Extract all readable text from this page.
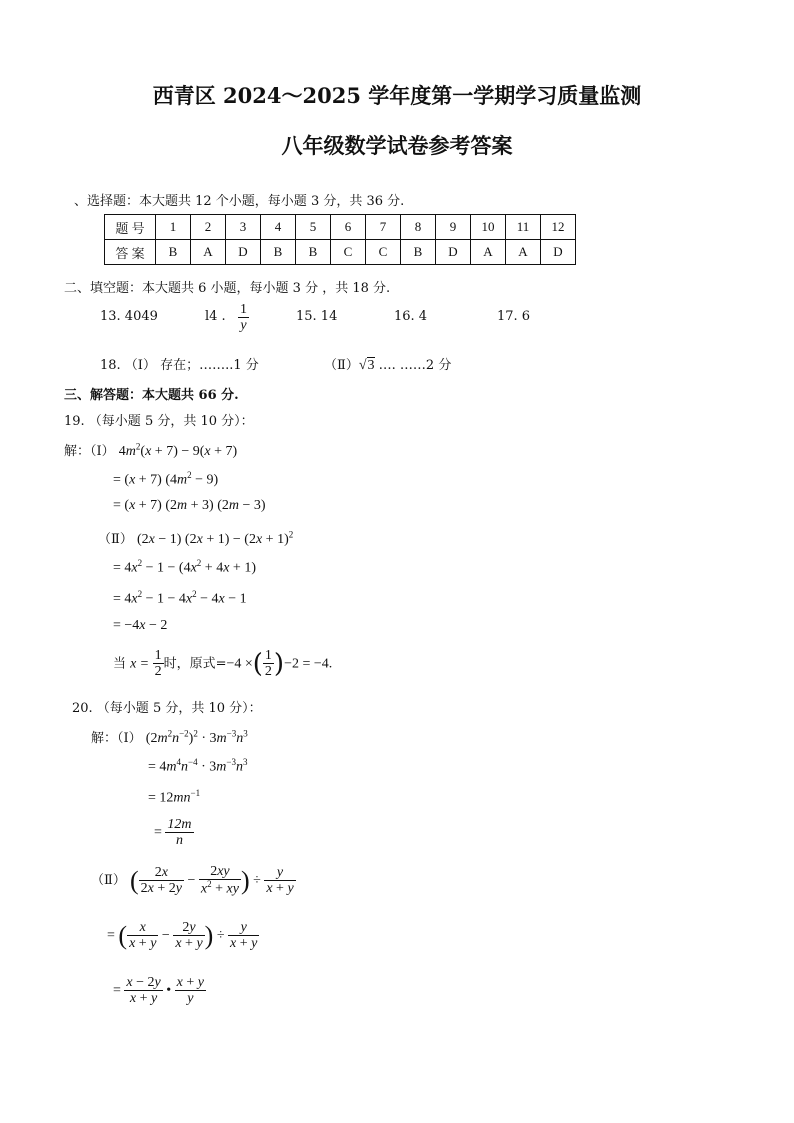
西青区 2024～2025 学年度第一学期学习质量监测
八年级数学试卷参考答案
、选择题：本大题共 12 个小题，每小题 3 分，共 36 分.
题 号	1	2	3	4	5	6	7	8	9	10	11	12
答 案	B	A	D	B	B	C	C	B	D	A	A	D
二、填空题：本大题共 6 小题，每小题 3 分 ，共 18 分.
13. 4049	l4 . $\frac{1}{y}$	15. 14	16. 4	17. 6
18. （Ⅰ） 存在；……..1 分	（Ⅱ）√3 …. ……2 分
三、解答题：本大题共 66 分.
19. （每小题 5 分，共 10 分）：
解：（Ⅰ） $4m^2(x + 7) - 9(x + 7)$
= (x + 7) $(4m^2 - 9)$
= (x + 7) (2m + 3) (2m − 3)
（Ⅱ） (2x − 1) $(2x + 1) - (2x + 1)^2$
= $4x^2 - 1 - (4x^2 + 4x + 1)$
= $4x^2 - 1 - 4x^2 - 4x - 1$
= −4x − 2
当 $x = \frac{1}{2}$ 时，原式=−4 ×( $\frac{1}{2} )-2 = -4$.
20. （每小题 5 分，共 10 分）：
解：（Ⅰ） $(2m^2n^{-2})^2 \cdot 3m^{-3}n^3$
= $4m^4n^{-4} \cdot 3m^{-3}n^3$
= $12mn^{-1}$
= $\frac{12m}{n}$
（Ⅱ） ( $\frac{2x}{2x + 2y} - \frac{2xy}{x^2 + xy}$ ) ÷ $\frac{y}{x + y}$
= ( $\frac{x}{x + y} - \frac{2y}{x + y}$ ) ÷ $\frac{y}{x + y}$
= $\frac{x - 2y}{x + y}$ • $\frac{x + y}{y}$
